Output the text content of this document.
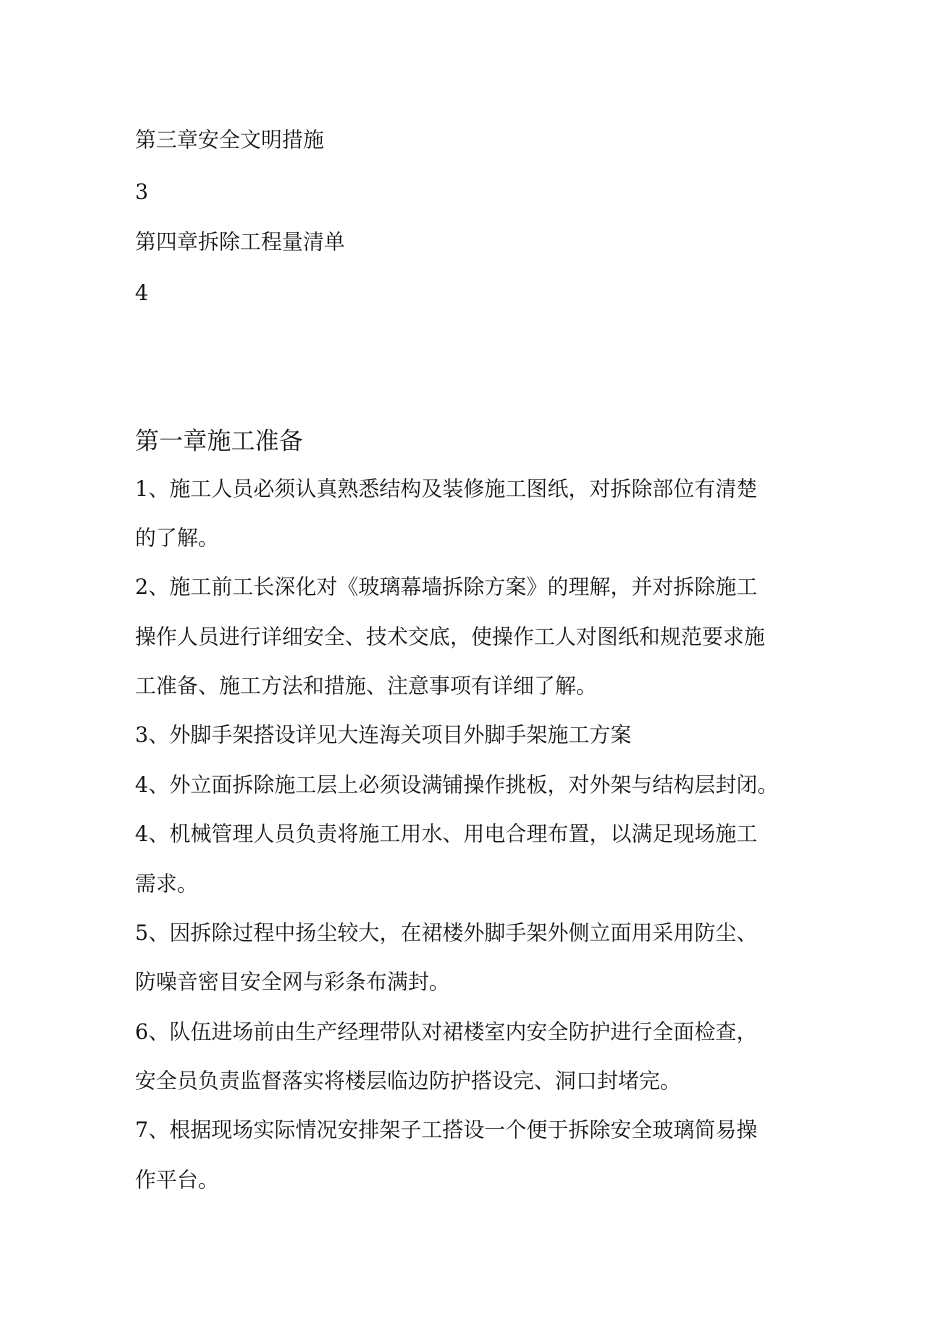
第三章安全文明措施

3

第四章拆除工程量清单

4

第一章施工准备

1、施工人员必须认真熟悉结构及装修施工图纸，对拆除部位有清楚

的了解。

2、施工前工长深化对《玻璃幕墙拆除方案》的理解，并对拆除施工

操作人员进行详细安全、技术交底，使操作工人对图纸和规范要求施

工准备、施工方法和措施、注意事项有详细了解。

3、外脚手架搭设详见大连海关项目外脚手架施工方案

4、外立面拆除施工层上必须设满铺操作挑板，对外架与结构层封闭。

4、机械管理人员负责将施工用水、用电合理布置，以满足现场施工

需求。

5、因拆除过程中扬尘较大，在裙楼外脚手架外侧立面用采用防尘、

防噪音密目安全网与彩条布满封。

6、队伍进场前由生产经理带队对裙楼室内安全防护进行全面检查，

安全员负责监督落实将楼层临边防护搭设完、洞口封堵完。

7、根据现场实际情况安排架子工搭设一个便于拆除安全玻璃简易操

作平台。
